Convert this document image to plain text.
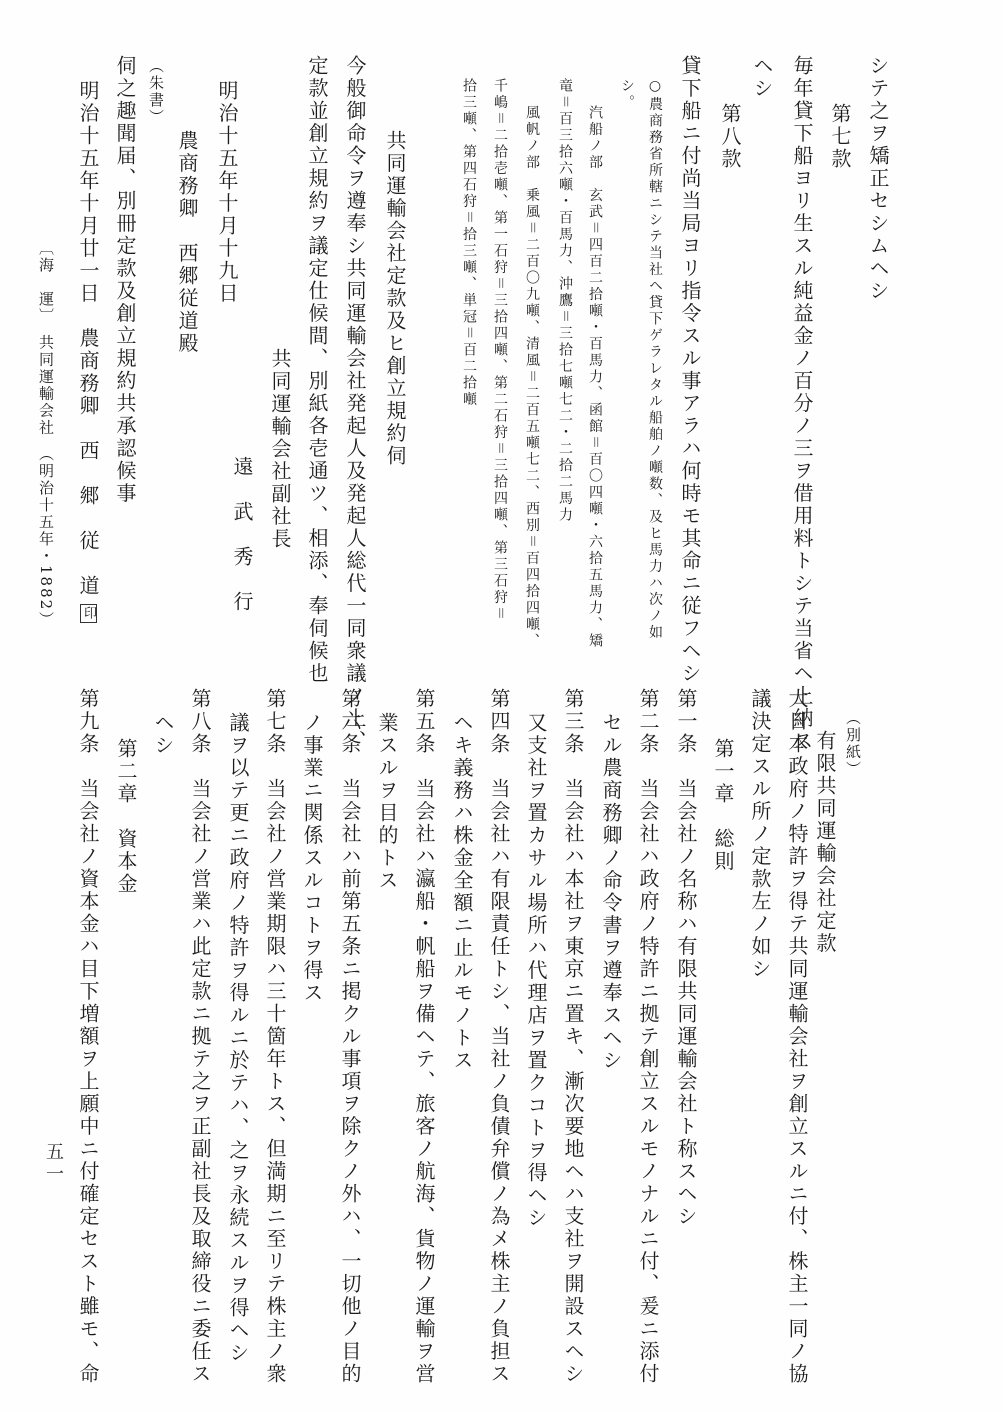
シテ之ヲ矯正セシムヘシ
第七款
毎年貸下船ヨリ生スル純益金ノ百分ノ三ヲ借用料トシテ当省ヘ上納ス
ヘシ
第八款
貸下船ニ付尚当局ヨリ指令スル事アラハ何時モ其命ニ従フヘシ
○農商務省所轄ニシテ当社ヘ貸下ゲラレタル船舶ノ噸数、及ヒ馬力ハ次ノ如
シ。
汽船ノ部　玄武＝四百二拾噸・百馬力、函館＝百〇四噸・六拾五馬力、矯
竜＝百三拾六噸・百馬力、沖鷹＝三拾七噸七二・二拾二馬力
風帆ノ部　乗風＝二百〇九噸、清風＝二百五噸七二、西別＝百四拾四噸、
千嶋＝二拾壱噸、第一石狩＝三拾四噸、第二石狩＝三拾四噸、第三石狩＝
拾三噸、第四石狩＝拾三噸、単冠＝百二拾噸
共同運輸会社定款及ヒ創立規約伺
今般御命令ヲ遵奉シ共同運輸会社発起人及発起人総代一同衆議ノ上、
定款並創立規約ヲ議定仕候間、別紙各壱通ツ、相添、奉伺候也
共同運輸会社副社長
遠　武　秀　行
明治十五年十月十九日
農商務卿　西郷従道殿
（朱書）
伺之趣聞届、別冊定款及創立規約共承認候事
明治十五年十月廿一日　農商務卿　西　郷　従　道印
〔海　運〕　共同運輸会社　（明治十五年・1882）
（別紙）
有限共同運輸会社定款
大日本政府ノ特許ヲ得テ共同運輸会社ヲ創立スルニ付、株主一同ノ協
議決定スル所ノ定款左ノ如シ
第一章　総則
第一条　当会社ノ名称ハ有限共同運輸会社ト称スヘシ
第二条　当会社ハ政府ノ特許ニ拠テ創立スルモノナルニ付、爰ニ添付
セル農商務卿ノ命令書ヲ遵奉スヘシ
第三条　当会社ハ本社ヲ東京ニ置キ、漸次要地ヘハ支社ヲ開設スヘシ
又支社ヲ置カサル場所ハ代理店ヲ置クコトヲ得ヘシ
第四条　当会社ハ有限責任トシ、当社ノ負債弁償ノ為メ株主ノ負担ス
ヘキ義務ハ株金全額ニ止ルモノトス
第五条　当会社ハ瀛船・帆船ヲ備ヘテ、旅客ノ航海、貨物ノ運輸ヲ営
業スルヲ目的トス
第六条　当会社ハ前第五条ニ掲クル事項ヲ除クノ外ハ、一切他ノ目的
ノ事業ニ関係スルコトヲ得ス
第七条　当会社ノ営業期限ハ三十箇年トス、但満期ニ至リテ株主ノ衆
議ヲ以テ更ニ政府ノ特許ヲ得ルニ於テハ、之ヲ永続スルヲ得ヘシ
第八条　当会社ノ営業ハ此定款ニ拠テ之ヲ正副社長及取締役ニ委任ス
ヘシ
第二章　資本金
第九条　当会社ノ資本金ハ目下増額ヲ上願中ニ付確定セスト雖モ、命
五一
